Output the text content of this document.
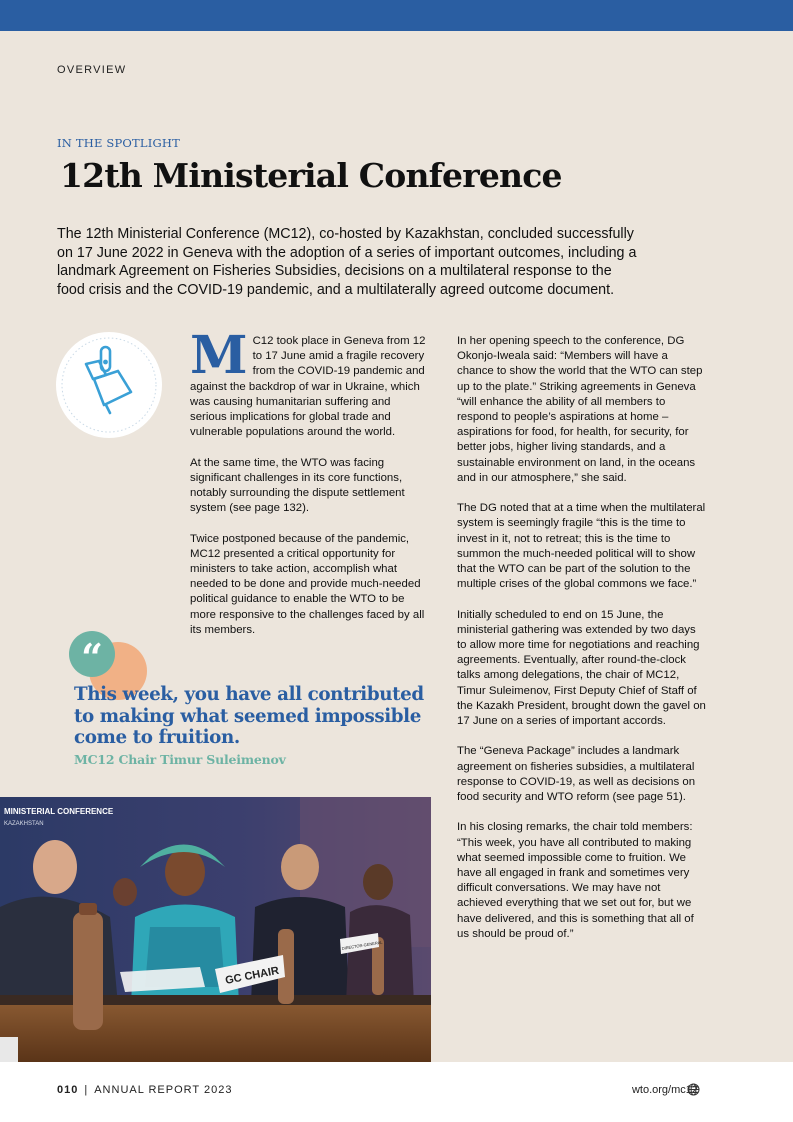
OVERVIEW
IN THE SPOTLIGHT
12th Ministerial Conference

The 12th Ministerial Conference (MC12), co-hosted by Kazakhstan, concluded successfully on 17 June 2022 in Geneva with the adoption of a series of important outcomes, including a landmark Agreement on Fisheries Subsidies, decisions on a multilateral response to the food crisis and the COVID-19 pandemic, and a multilaterally agreed outcome document.

M C12 took place in Geneva from 12 to 17 June amid a fragile recovery from the COVID-19 pandemic and against the backdrop of war in Ukraine, which was causing humanitarian suffering and serious implications for global trade and vulnerable populations around the world.

At the same time, the WTO was facing significant challenges in its core functions, notably surrounding the dispute settlement system (see page 132).

Twice postponed because of the pandemic, MC12 presented a critical opportunity for ministers to take action, accomplish what needed to be done and provide much-needed political guidance to enable the WTO to be more responsive to the challenges faced by all its members.

In her opening speech to the conference, DG Okonjo-Iweala said: “Members will have a chance to show the world that the WTO can step up to the plate.” Striking agreements in Geneva “will enhance the ability of all members to respond to people’s aspirations at home – aspirations for food, for health, for security, for better jobs, higher living standards, and a sustainable environment on land, in the oceans and in our atmosphere,” she said.

The DG noted that at a time when the multilateral system is seemingly fragile “this is the time to invest in it, not to retreat; this is the time to summon the much-needed political will to show that the WTO can be part of the solution to the multiple crises of the global commons we face.”

Initially scheduled to end on 15 June, the ministerial gathering was extended by two days to allow more time for negotiations and reaching agreements. Eventually, after round-the-clock talks among delegations, the chair of MC12, Timur Suleimenov, First Deputy Chief of Staff of the Kazakh President, brought down the gavel on 17 June on a series of important accords.

The “Geneva Package” includes a landmark agreement on fisheries subsidies, a multilateral response to COVID-19, as well as decisions on food security and WTO reform (see page 51).

In his closing remarks, the chair told members: “This week, you have all contributed to making what seemed impossible come to fruition. We have all engaged in frank and sometimes very difficult conversations. We may have not achieved everything that we set out for, but we have delivered, and this is something that all of us should be proud of.”

“

This week, you have all contributed to making what seemed impossible come to fruition.

MC12 Chair Timur Suleimenov
MINISTERIAL CONFERENCE
KAZAKHSTAN
GC CHAIR
DIRECTOR-GENERAL
010 | ANNUAL REPORT 2023	wto.org/mc12
